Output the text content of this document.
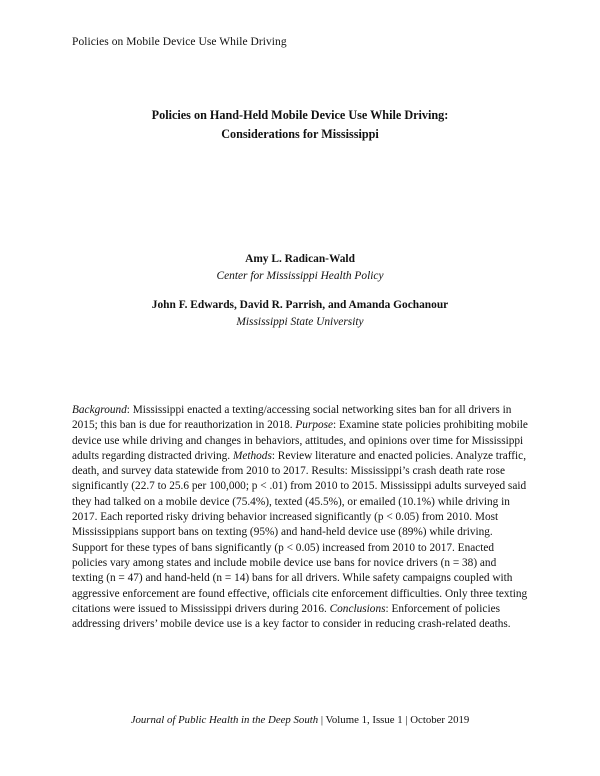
Policies on Mobile Device Use While Driving
Policies on Hand-Held Mobile Device Use While Driving:
Considerations for Mississippi
Amy L. Radican-Wald
Center for Mississippi Health Policy
John F. Edwards, David R. Parrish, and Amanda Gochanour
Mississippi State University
Background: Mississippi enacted a texting/accessing social networking sites ban for all drivers in 2015; this ban is due for reauthorization in 2018. Purpose: Examine state policies prohibiting mobile device use while driving and changes in behaviors, attitudes, and opinions over time for Mississippi adults regarding distracted driving. Methods: Review literature and enacted policies. Analyze traffic, death, and survey data statewide from 2010 to 2017. Results: Mississippi’s crash death rate rose significantly (22.7 to 25.6 per 100,000; p < .01) from 2010 to 2015. Mississippi adults surveyed said they had talked on a mobile device (75.4%), texted (45.5%), or emailed (10.1%) while driving in 2017. Each reported risky driving behavior increased significantly (p < 0.05) from 2010. Most Mississippians support bans on texting (95%) and hand-held device use (89%) while driving. Support for these types of bans significantly (p < 0.05) increased from 2010 to 2017. Enacted policies vary among states and include mobile device use bans for novice drivers (n = 38) and texting (n = 47) and hand-held (n = 14) bans for all drivers. While safety campaigns coupled with aggressive enforcement are found effective, officials cite enforcement difficulties. Only three texting citations were issued to Mississippi drivers during 2016. Conclusions: Enforcement of policies addressing drivers’ mobile device use is a key factor to consider in reducing crash-related deaths.
Journal of Public Health in the Deep South | Volume 1, Issue 1 | October 2019
